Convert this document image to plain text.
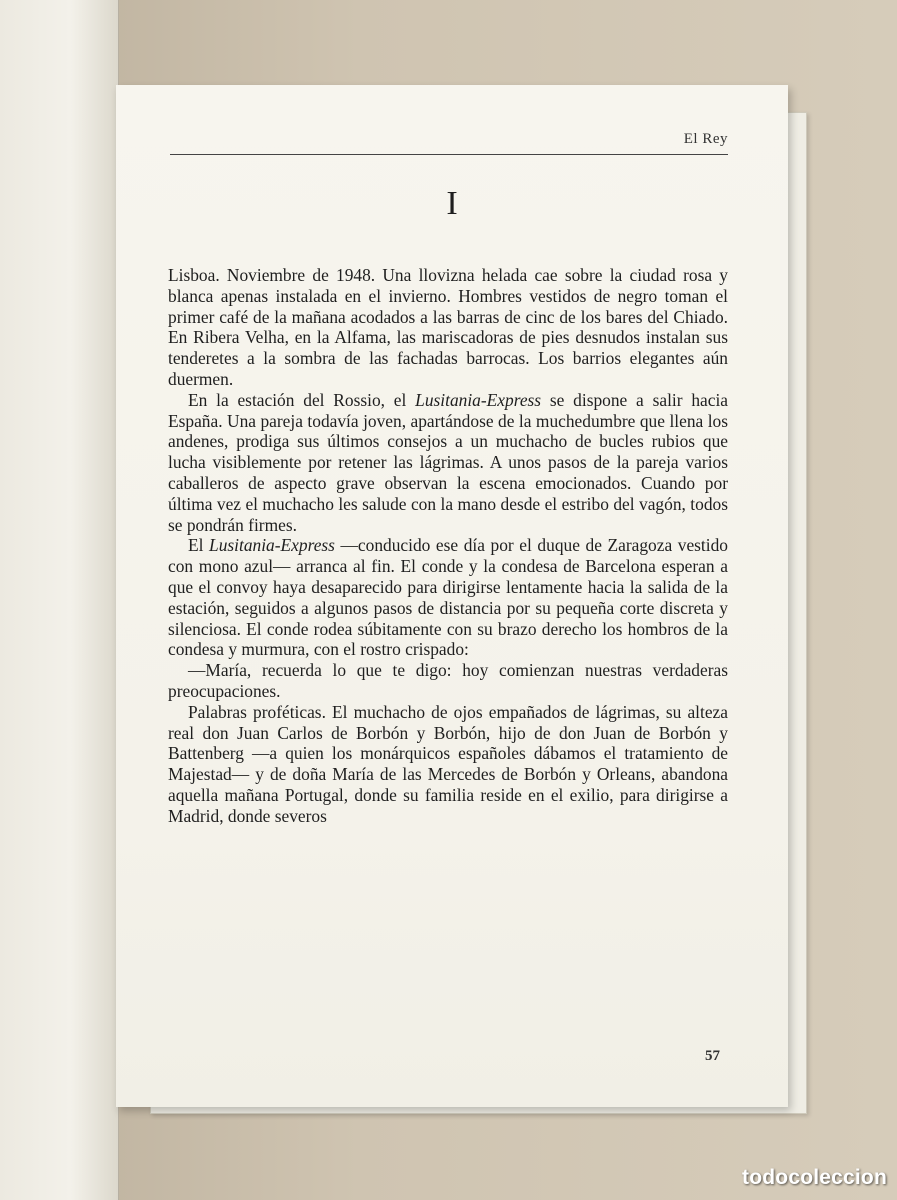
El Rey
I

Lisboa. Noviembre de 1948. Una llovizna helada cae sobre la ciudad rosa y blanca apenas instalada en el invierno. Hombres vestidos de negro toman el primer café de la mañana acodados a las barras de cinc de los bares del Chiado. En Ribera Velha, en la Alfama, las mariscadoras de pies desnudos instalan sus tenderetes a la sombra de las fachadas barrocas. Los barrios elegantes aún duermen.

En la estación del Rossio, el Lusitania-Express se dispone a salir hacia España. Una pareja todavía joven, apartándose de la muchedumbre que llena los andenes, prodiga sus últimos consejos a un muchacho de bucles rubios que lucha visiblemente por retener las lágrimas. A unos pasos de la pareja varios caballeros de aspecto grave observan la escena emocionados. Cuando por última vez el muchacho les salude con la mano desde el estribo del vagón, todos se pondrán firmes.

El Lusitania-Express —conducido ese día por el duque de Zaragoza vestido con mono azul— arranca al fin. El conde y la condesa de Barcelona esperan a que el convoy haya desaparecido para dirigirse lentamente hacia la salida de la estación, seguidos a algunos pasos de distancia por su pequeña corte discreta y silenciosa. El conde rodea súbitamente con su brazo derecho los hombros de la condesa y murmura, con el rostro crispado:

—María, recuerda lo que te digo: hoy comienzan nuestras verdaderas preocupaciones.

Palabras proféticas. El muchacho de ojos empañados de lágrimas, su alteza real don Juan Carlos de Borbón y Borbón, hijo de don Juan de Borbón y Battenberg —a quien los monárquicos españoles dábamos el tratamiento de Majestad— y de doña María de las Mercedes de Borbón y Orleans, abandona aquella mañana Portugal, donde su familia reside en el exilio, para dirigirse a Madrid, donde severos

57
todocoleccion
